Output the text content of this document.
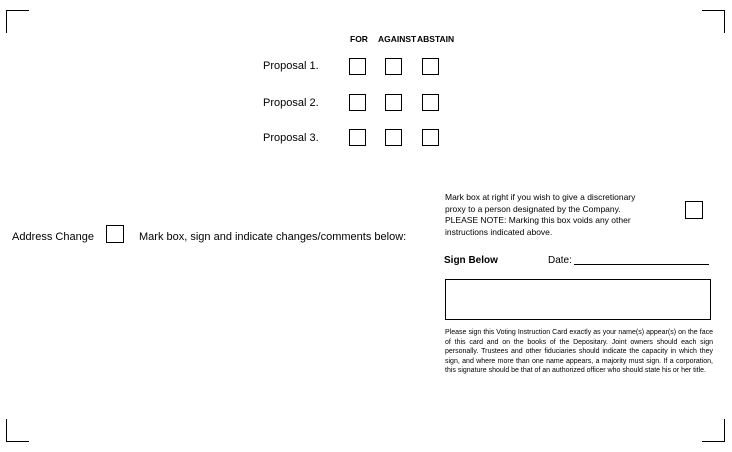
FOR AGAINST ABSTAIN
Proposal 1.
Proposal 2.
Proposal 3.
Address Change	Mark box, sign and indicate changes/comments below:
Mark box at right if you wish to give a discretionary
proxy to a person designated by the Company.
PLEASE NOTE: Marking this box voids any other
instructions indicated above.
Sign Below	Date:
Please sign this Voting Instruction Card exactly as your name(s) appear(s) on the face of this card and on the books of the Depositary. Joint owners should each sign personally. Trustees and other fiduciaries should indicate the capacity in which they sign, and where more than one name appears, a majority must sign. If a corporation, this signature should be that of an authorized officer who should state his or her title.
